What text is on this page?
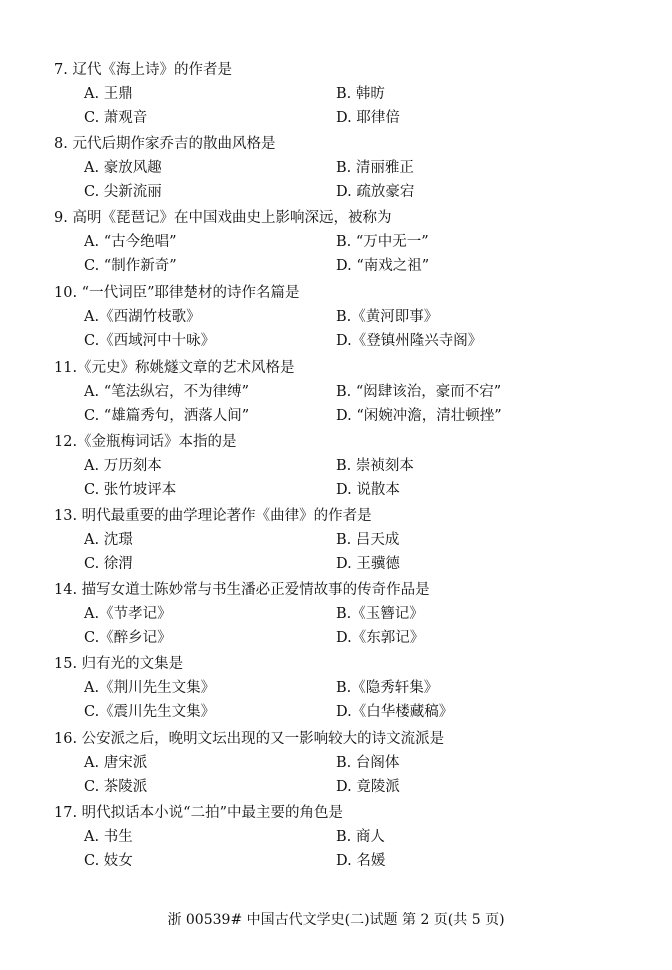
7. 辽代《海上诗》的作者是
A. 王鼎	B. 韩昉
C. 萧观音	D. 耶律倍
8. 元代后期作家乔吉的散曲风格是
A. 豪放风趣	B. 清丽雅正
C. 尖新流丽	D. 疏放豪宕
9. 高明《琵琶记》在中国戏曲史上影响深远，被称为
A. “古今绝唱”	B. “万中无一”
C. “制作新奇”	D. “南戏之祖”
10. “一代词臣”耶律楚材的诗作名篇是
A.《西湖竹枝歌》	B.《黄河即事》
C.《西域河中十咏》	D.《登镇州隆兴寺阁》
11.《元史》称姚燧文章的艺术风格是
A. “笔法纵宕，不为律缚”	B. “闳肆该治，豪而不宕”
C. “雄篇秀句，洒落人间”	D. “闲婉冲澹，清壮顿挫”
12.《金瓶梅词话》本指的是
A. 万历刻本	B. 崇祯刻本
C. 张竹坡评本	D. 说散本
13. 明代最重要的曲学理论著作《曲律》的作者是
A. 沈璟	B. 吕天成
C. 徐渭	D. 王骥德
14. 描写女道士陈妙常与书生潘必正爱情故事的传奇作品是
A.《节孝记》	B.《玉簪记》
C.《醉乡记》	D.《东郭记》
15. 归有光的文集是
A.《荆川先生文集》	B.《隐秀轩集》
C.《震川先生文集》	D.《白华楼藏稿》
16. 公安派之后，晚明文坛出现的又一影响较大的诗文流派是
A. 唐宋派	B. 台阁体
C. 茶陵派	D. 竟陵派
17. 明代拟话本小说“二拍”中最主要的角色是
A. 书生	B. 商人
C. 妓女	D. 名媛
浙 00539# 中国古代文学史(二)试题 第 2 页(共 5 页)
